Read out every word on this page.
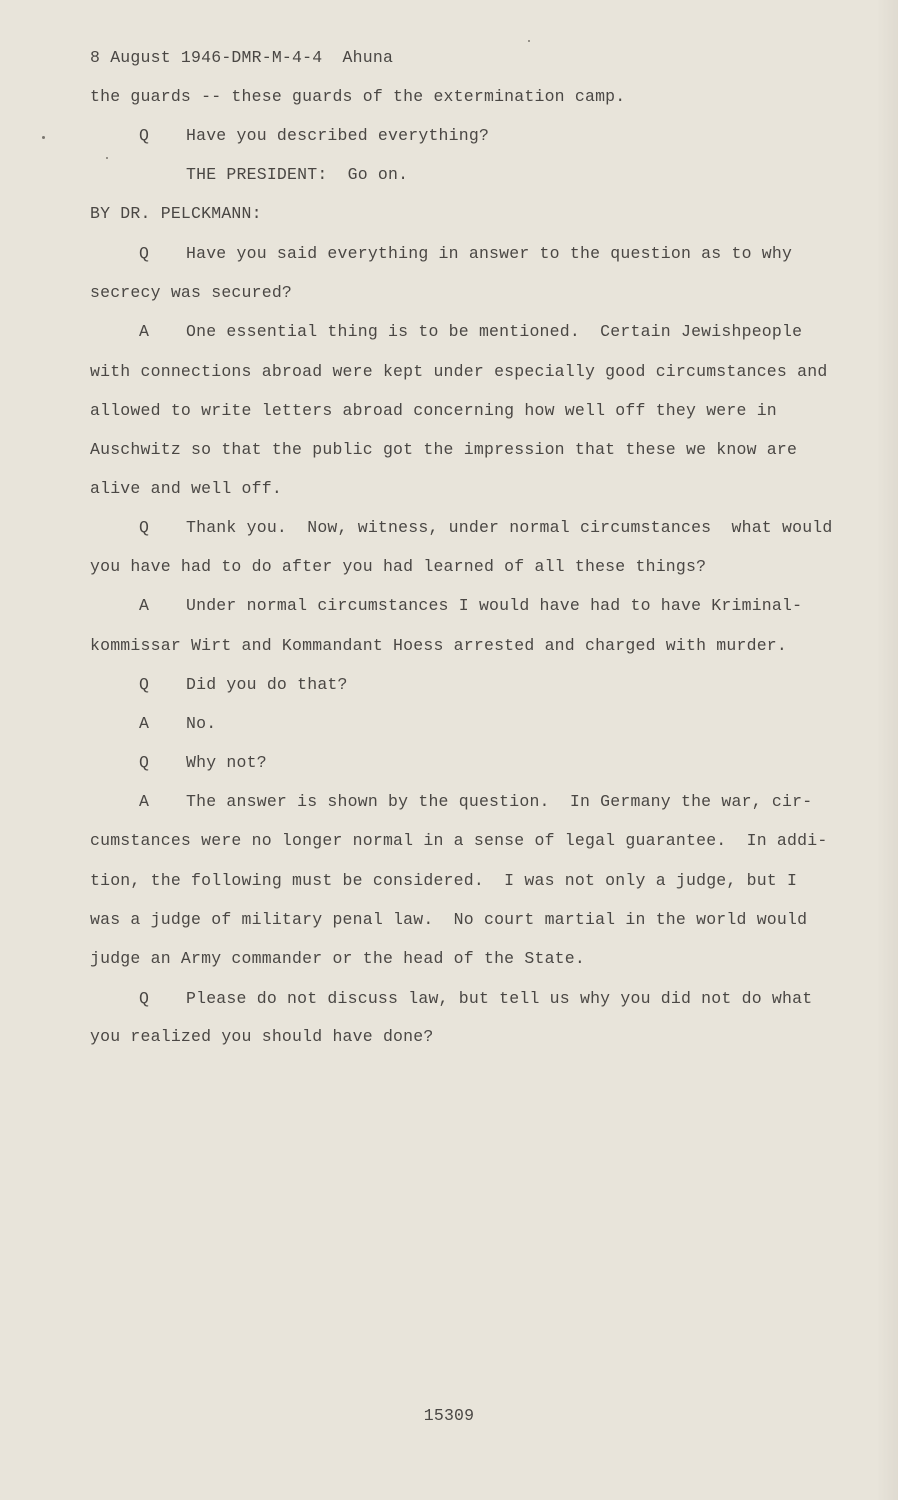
8 August 1946-DMR-M-4-4  Ahuna
the guards -- these guards of the extermination camp.
Q Have you described everything?
THE PRESIDENT:  Go on.
BY DR. PELCKMANN:
Q Have you said everything in answer to the question as to why
secrecy was secured?
A One essential thing is to be mentioned.  Certain Jewishpeople
with connections abroad were kept under especially good circumstances and
allowed to write letters abroad concerning how well off they were in
Auschwitz so that the public got the impression that these we know are
alive and well off.
Q Thank you.  Now, witness, under normal circumstances  what would
you have had to do after you had learned of all these things?
A Under normal circumstances I would have had to have Kriminal-
kommissar Wirt and Kommandant Hoess arrested and charged with murder.
Q Did you do that?
A No.
Q Why not?
A The answer is shown by the question.  In Germany the war, cir-
cumstances were no longer normal in a sense of legal guarantee.  In addi-
tion, the following must be considered.  I was not only a judge, but I
was a judge of military penal law.  No court martial in the world would
judge an Army commander or the head of the State.
Q Please do not discuss law, but tell us why you did not do what
you realized you should have done?
15309
